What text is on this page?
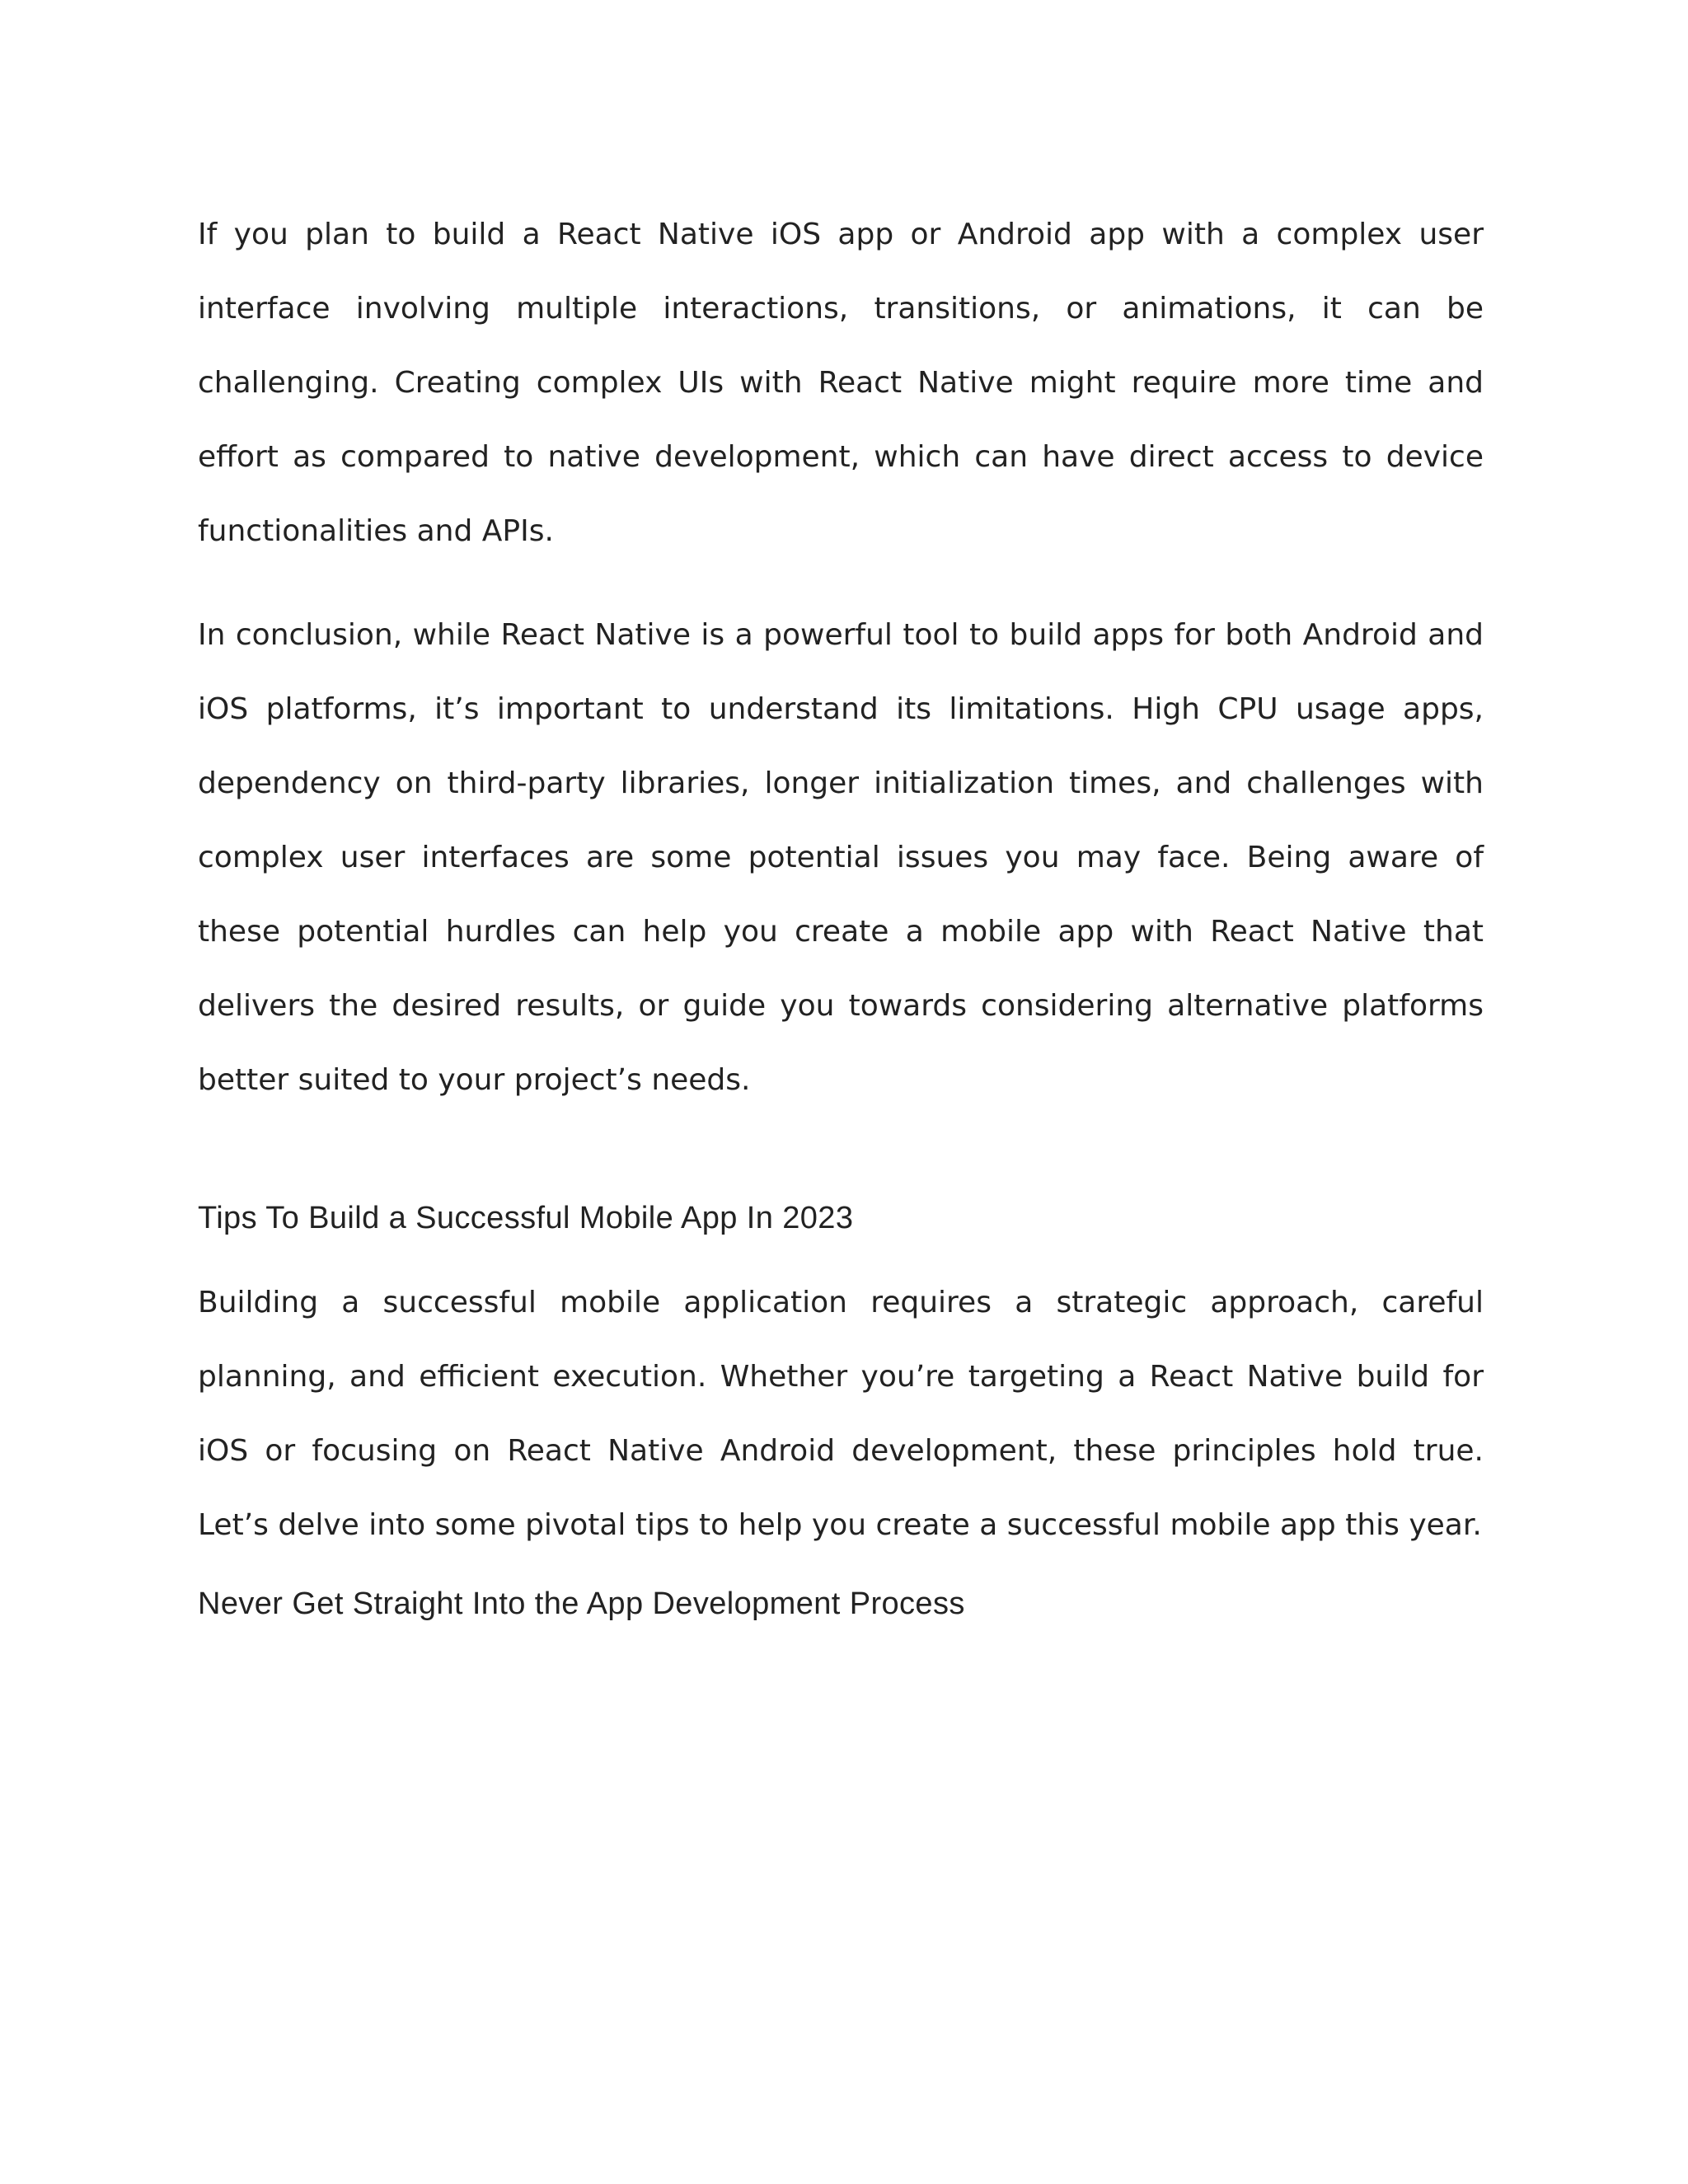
If you plan to build a React Native iOS app or Android app with a complex user interface involving multiple interactions, transitions, or animations, it can be challenging. Creating complex UIs with React Native might require more time and effort as compared to native development, which can have direct access to device functionalities and APIs.

In conclusion, while React Native is a powerful tool to build apps for both Android and iOS platforms, it’s important to understand its limitations. High CPU usage apps, dependency on third-party libraries, longer initialization times, and challenges with complex user interfaces are some potential issues you may face. Being aware of these potential hurdles can help you create a mobile app with React Native that delivers the desired results, or guide you towards considering alternative platforms better suited to your project’s needs.

Tips To Build a Successful Mobile App In 2023

Building a successful mobile application requires a strategic approach, careful planning, and efficient execution. Whether you’re targeting a React Native build for iOS or focusing on React Native Android development, these principles hold true. Let’s delve into some pivotal tips to help you create a successful mobile app this year.

Never Get Straight Into the App Development Process
